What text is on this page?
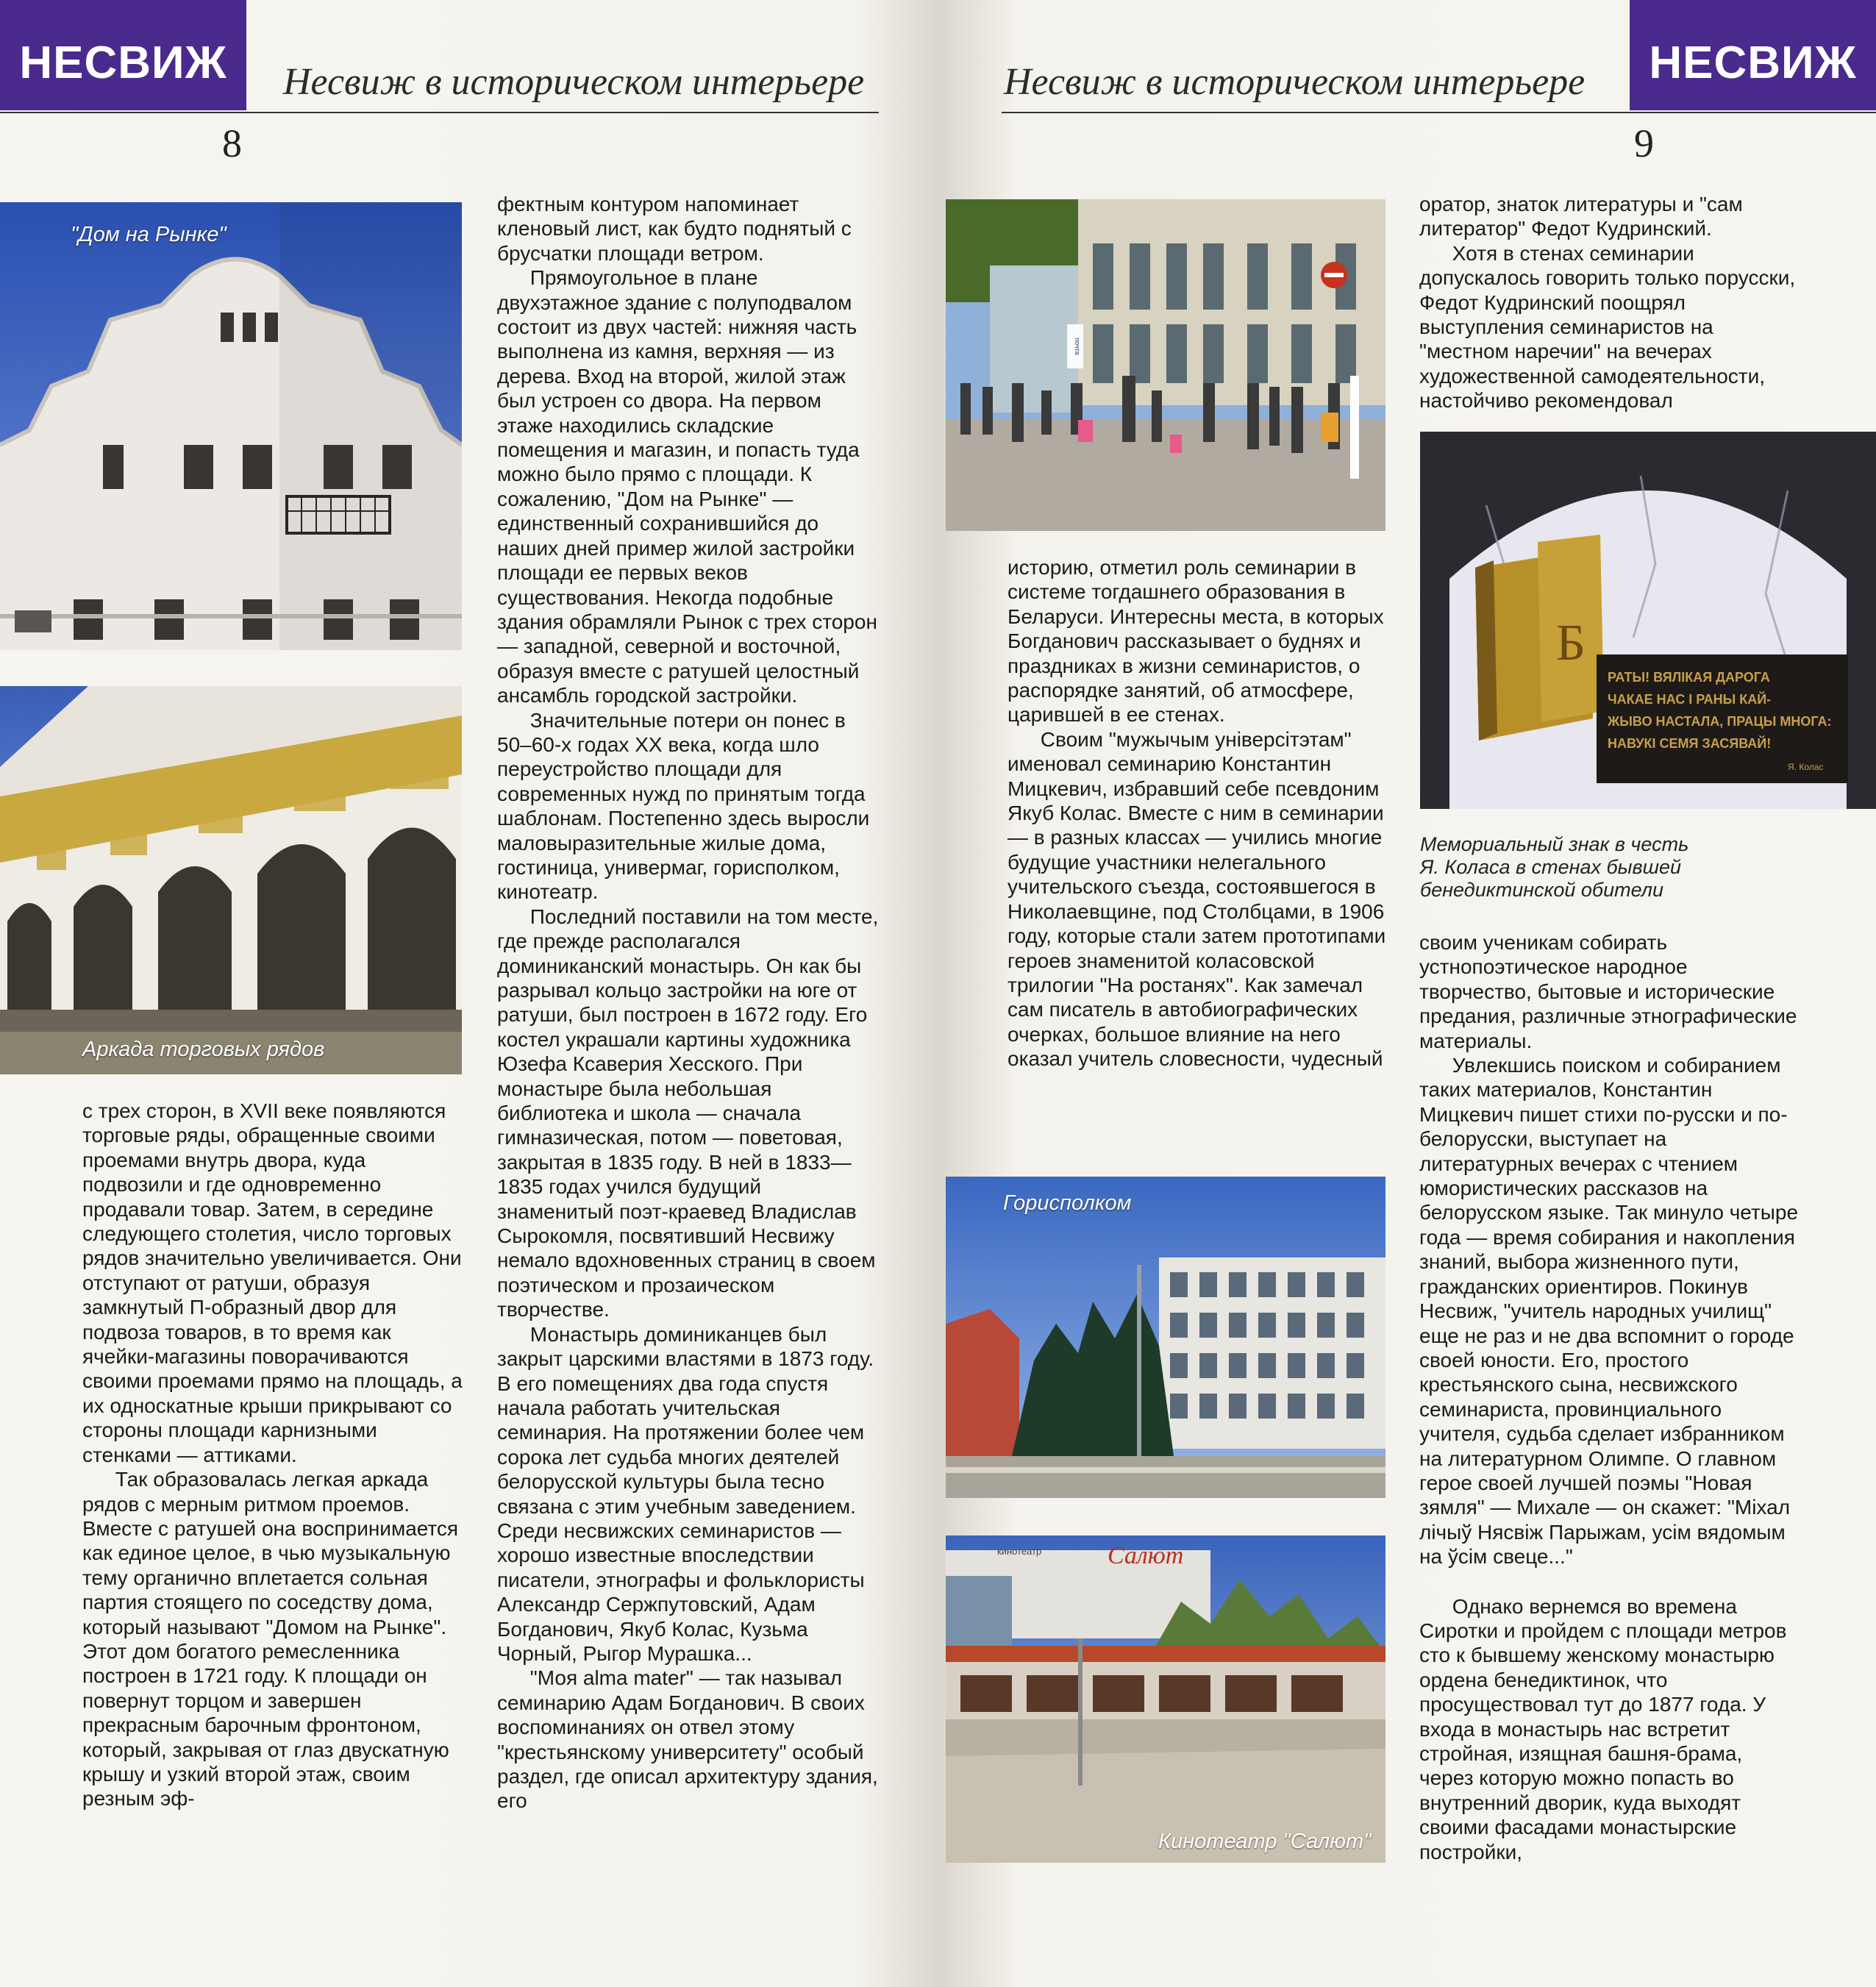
НЕСВИЖ	Несвиж в историческом интерьере
8
"Дом на Рынке"
Аркада торговых рядов

с трех сторон, в XVII веке появляются торговые ряды, обращенные своими проемами внутрь двора, куда подвозили и где одновременно продавали товар. Затем, в середине следующего столетия, число торговых рядов значительно увеличивается. Они отступают от ратуши, образуя замкнутый П-образный двор для подвоза товаров, в то время как ячейки-магазины поворачиваются своими проемами прямо на площадь, а их односкатные крыши прикрывают со стороны площади карнизными стенками — аттиками.

Так образовалась легкая аркада рядов с мерным ритмом проемов. Вместе с ратушей она воспринимается как единое целое, в чью музыкальную тему органично вплетается сольная партия стоящего по соседству дома, который называют "Домом на Рынке". Этот дом богатого ремесленника построен в 1721 году. К площади он повернут торцом и завершен прекрасным барочным фронтоном, который, закрывая от глаз двускатную крышу и узкий второй этаж, своим резным эф-

фектным контуром напоминает кленовый лист, как будто поднятый с брусчатки площади ветром.

Прямоугольное в плане двухэтажное здание с полуподвалом состоит из двух частей: нижняя часть выполнена из камня, верхняя — из дерева. Вход на второй, жилой этаж был устроен со двора. На первом этаже находились складские помещения и магазин, и попасть туда можно было прямо с площади. К сожалению, "Дом на Рынке" — единственный сохранившийся до наших дней пример жилой застройки площади ее первых веков существования. Некогда подобные здания обрамляли Рынок с трех сторон — западной, северной и восточной, образуя вместе с ратушей целостный ансамбль городской застройки.

Значительные потери он понес в 50–60-х годах XX века, когда шло переустройство площади для современных нужд по принятым тогда шаблонам. Постепенно здесь выросли маловыразительные жилые дома, гостиница, универмаг, горисполком, кинотеатр.

Последний поставили на том месте, где прежде располагался доминиканский монастырь. Он как бы разрывал кольцо застройки на юге от ратуши, был построен в 1672 году. Его костел украшали картины художника Юзефа Ксаверия Хесского. При монастыре была небольшая библиотека и школа — сначала гимназическая, потом — поветовая, закрытая в 1835 году. В ней в 1833—1835 годах учился будущий знаменитый поэт-краевед Владислав Сырокомля, посвятивший Несвижу немало вдохновенных страниц в своем поэтическом и прозаическом творчестве.

Монастырь доминиканцев был закрыт царскими властями в 1873 году. В его помещениях два года спустя начала работать учительская семинария. На протяжении более чем сорока лет судьба многих деятелей белорусской культуры была тесно связана с этим учебным заведением. Среди несвижских семинаристов — хорошо известные впоследствии писатели, этнографы и фольклористы Александр Сержпутовский, Адам Богданович, Якуб Колас, Кузьма Чорный, Рыгор Мурашка...

"Моя alma mater" — так назывaл семинарию Адам Богданович. В своих воспоминаниях он отвел этому "крестьянскому университету" особый раздел, где описал архитектуру здания, его

НЕСВИЖ
Несвиж в историческом интерьере
9
почта
Б
РАТЫ! ВЯЛІКАЯ ДАРОГА
ЧАКАЕ НАС І РАНЫ КАЙ-
ЖЫВО НАСТАЛА, ПРАЦЫ МНОГА:
НАВУКІ СЕМЯ ЗАСЯВАЙ!
Я. Колас
Мемориальный знак в честь
Я. Коласа в стенах бывшей
бенедиктинской обители
Горисполком
Салют
кинотеатр
Кинотеатр "Салют"

историю, отметил роль семинарии в системе тогдашнего образования в Беларуси. Интересны места, в которых Богданович рассказывает о буднях и праздниках в жизни семинаристов, о распорядке занятий, об атмосфере, царившей в ее стенах.

Своим "мужычым універсітэтам" именовал семинарию Константин Мицкевич, избравший себе псевдоним Якуб Колас. Вместе с ним в семинарии — в разных классах — учились многие будущие участники нелегального учительского съезда, состоявшегося в Николаевщине, под Столбцами, в 1906 году, которые стали затем прототипами героев знаменитой коласовской трилогии "На ростанях". Как замечал сам писатель в автобиографических очерках, большое влияние на него оказал учитель словесности, чудесный

оратор, знаток литературы и "сам литератор" Федот Кудринский.

Хотя в стенах семинарии допускалось говорить только порусски, Федот Кудринский поощрял выступления семинаристов на "местном наречии" на вечерах художественной самодеятельности, настойчиво рекомендовал

своим ученикам собирать устнопоэтическое народное творчество, бытовые и исторические предания, различные этнографические материалы.

Увлекшись поиском и собиранием таких материалов, Константин Мицкевич пишет стихи по-русски и по-белорусски, выступает на литературных вечерах с чтением юмористических рассказов на белорусском языке. Так минуло четыре года — время собирания и накопления знаний, выбора жизненного пути, гражданских ориентиров. Покинув Несвиж, "учитель народных училищ" еще не раз и не два вспомнит о городе своей юности. Его, простого крестьянского сына, несвижского семинариста, провинциального учителя, судьба сделает избранником на литературном Олимпе. О главном герое своей лучшей поэмы "Новая зямля" — Михале — он скажет: "Міхал лічыў Нясвіж Парыжам, усім вядомым на ўсім свеце..."

Однако вернемся во времена Сиротки и пройдем с площади метров сто к бывшему женскому монастырю ордена бенедиктинок, что просуществовал тут до 1877 года. У входа в монастырь нас встретит стройная, изящная башня-брама, через которую можно попасть во внутренний дворик, куда выходят своими фасадами монастырские постройки,
